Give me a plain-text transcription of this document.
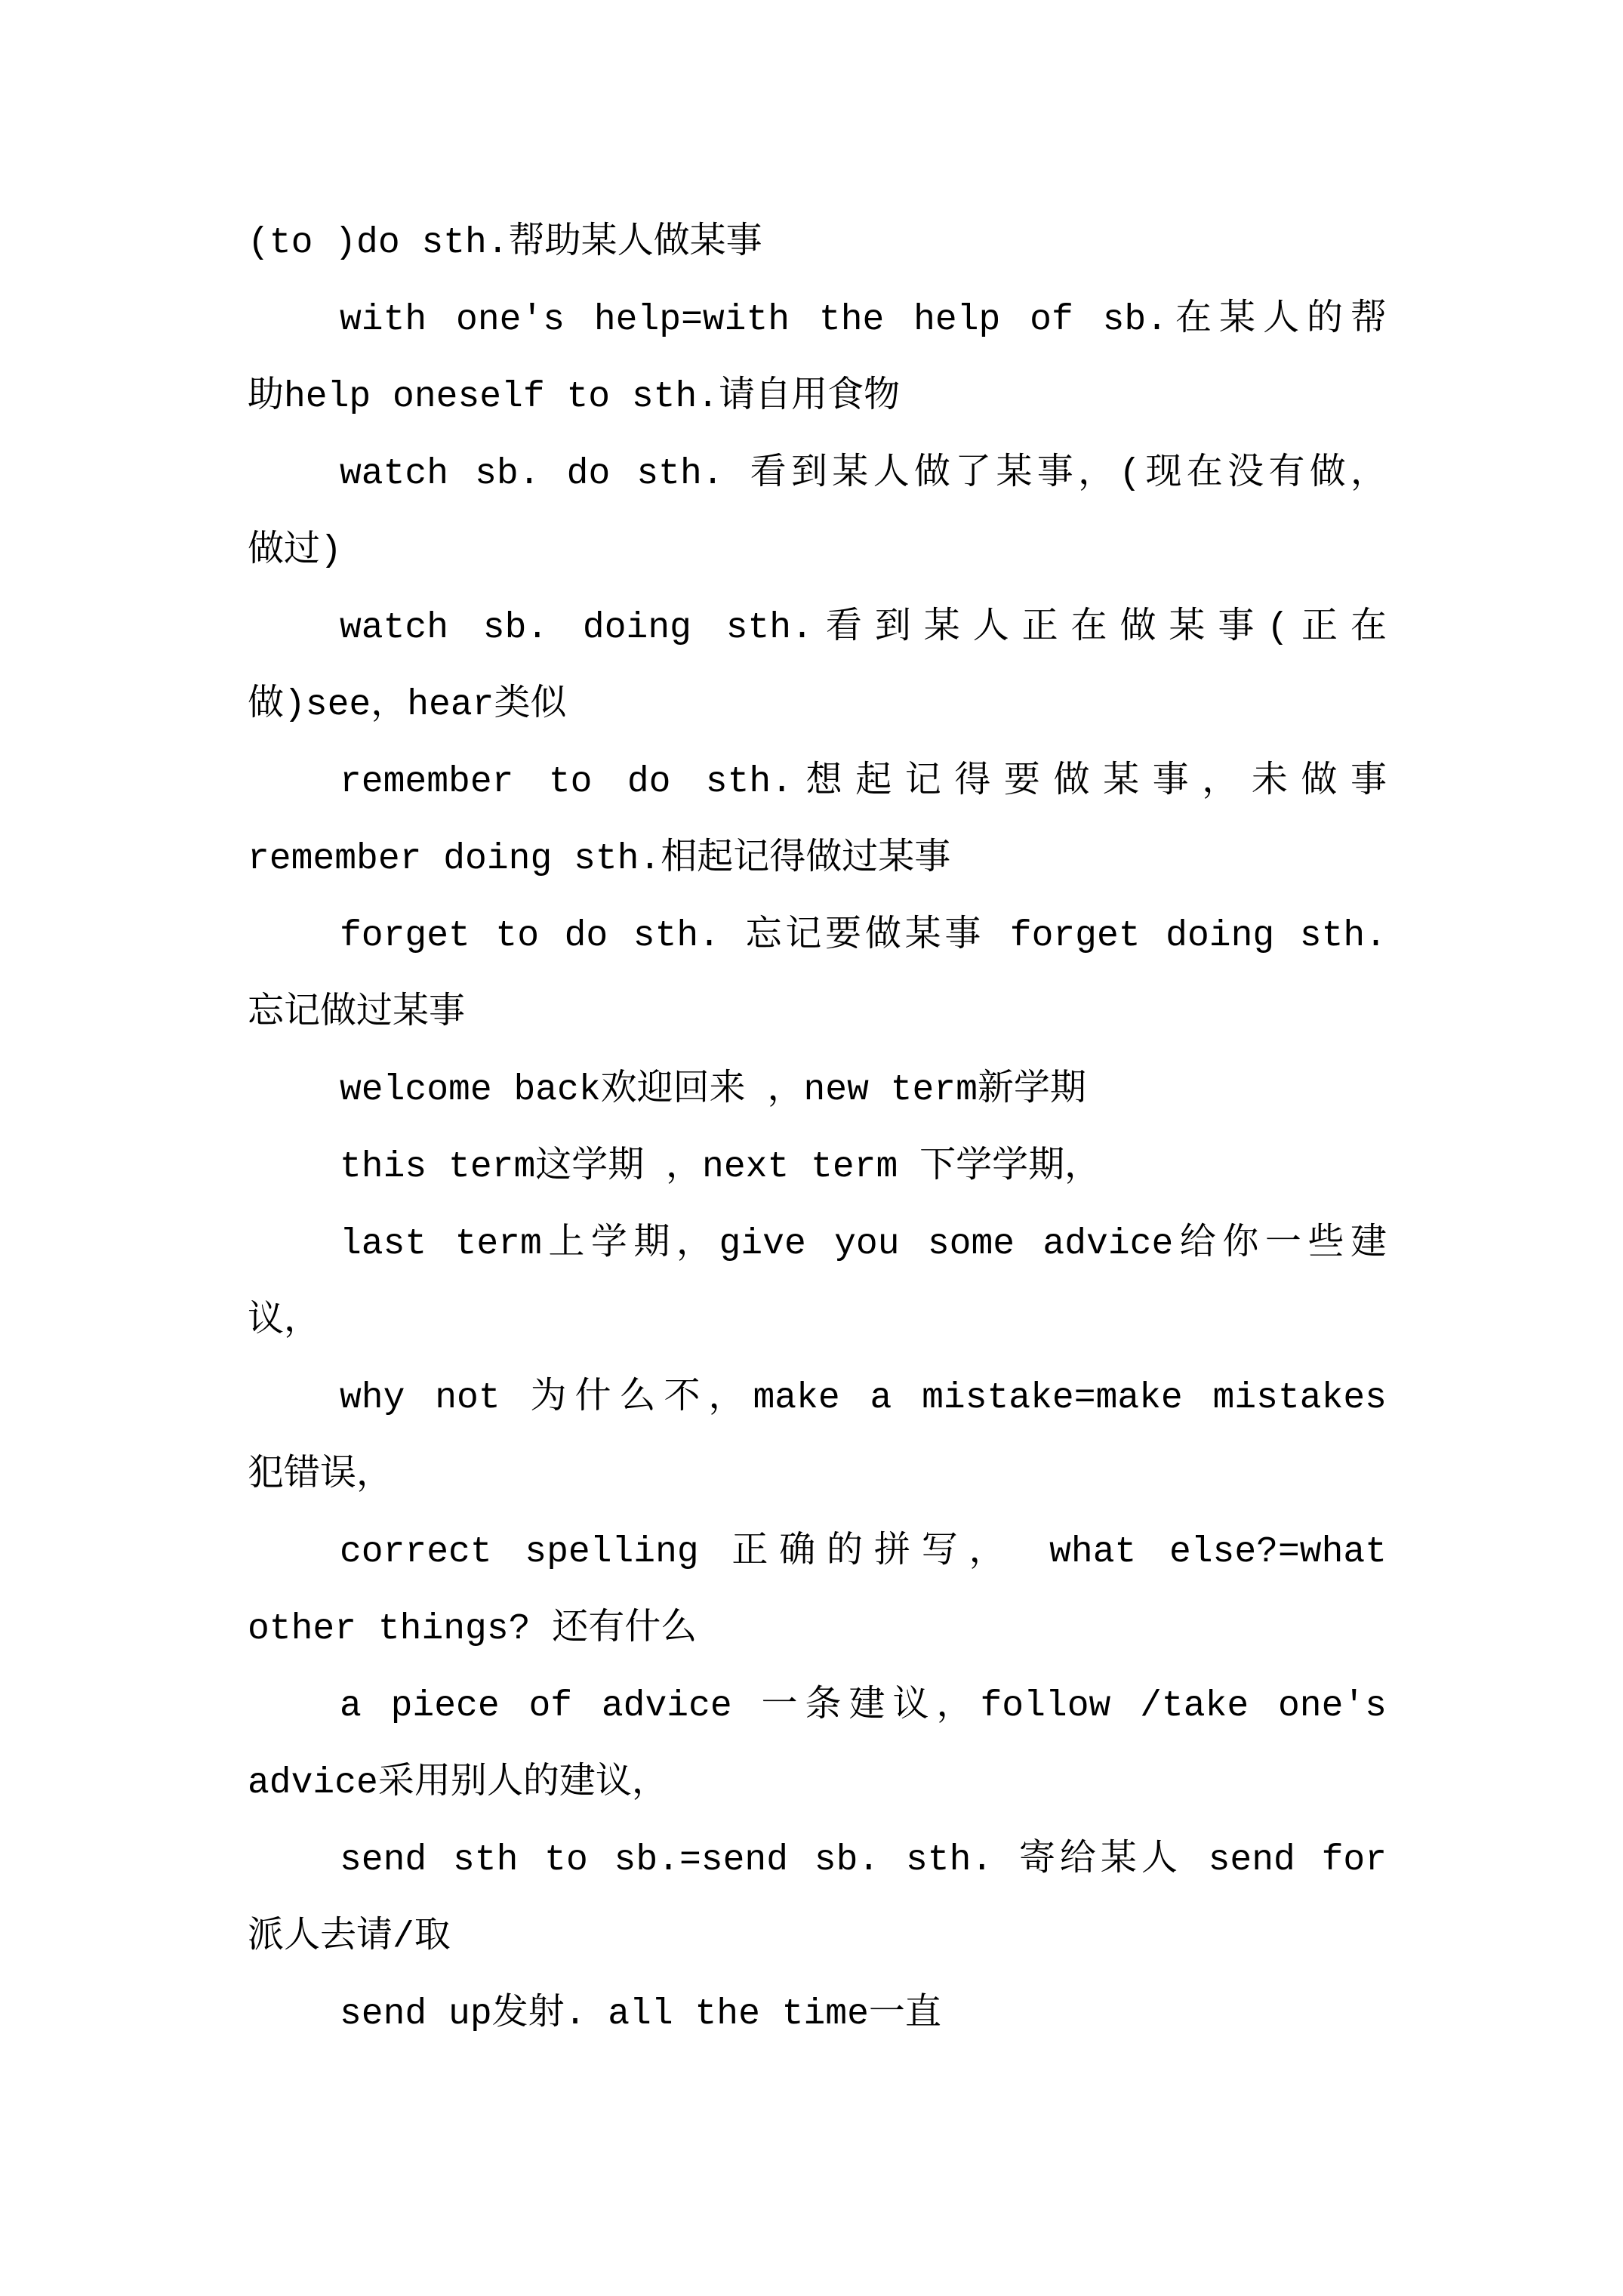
(to )do sth.帮助某人做某事
with one's help=with the help of sb.在某人的帮
助help oneself to sth.请自用食物
watch sb. do sth. 看到某人做了某事，(现在没有做，
做过)
watch sb. doing sth.看到某人正在做某事(正在
做)see，hear类似
remember to do sth.想起记得要做某事，未做事
remember doing sth.相起记得做过某事
forget to do sth. 忘记要做某事 forget doing sth.
忘记做过某事
welcome back欢迎回来 ，new term新学期
this term这学期 ，next term 下学学期，
last term上学期，give you some advice给你一些建
议，
why not 为什么不，make a mistake=make mistakes
犯错误，
correct spelling 正确的拼写， what else?=what
other things? 还有什么
a piece of advice 一条建议，follow /take one's
advice采用别人的建议，
send sth to sb.=send sb. sth. 寄给某人 send for
派人去请/取
send up发射. all the time一直
